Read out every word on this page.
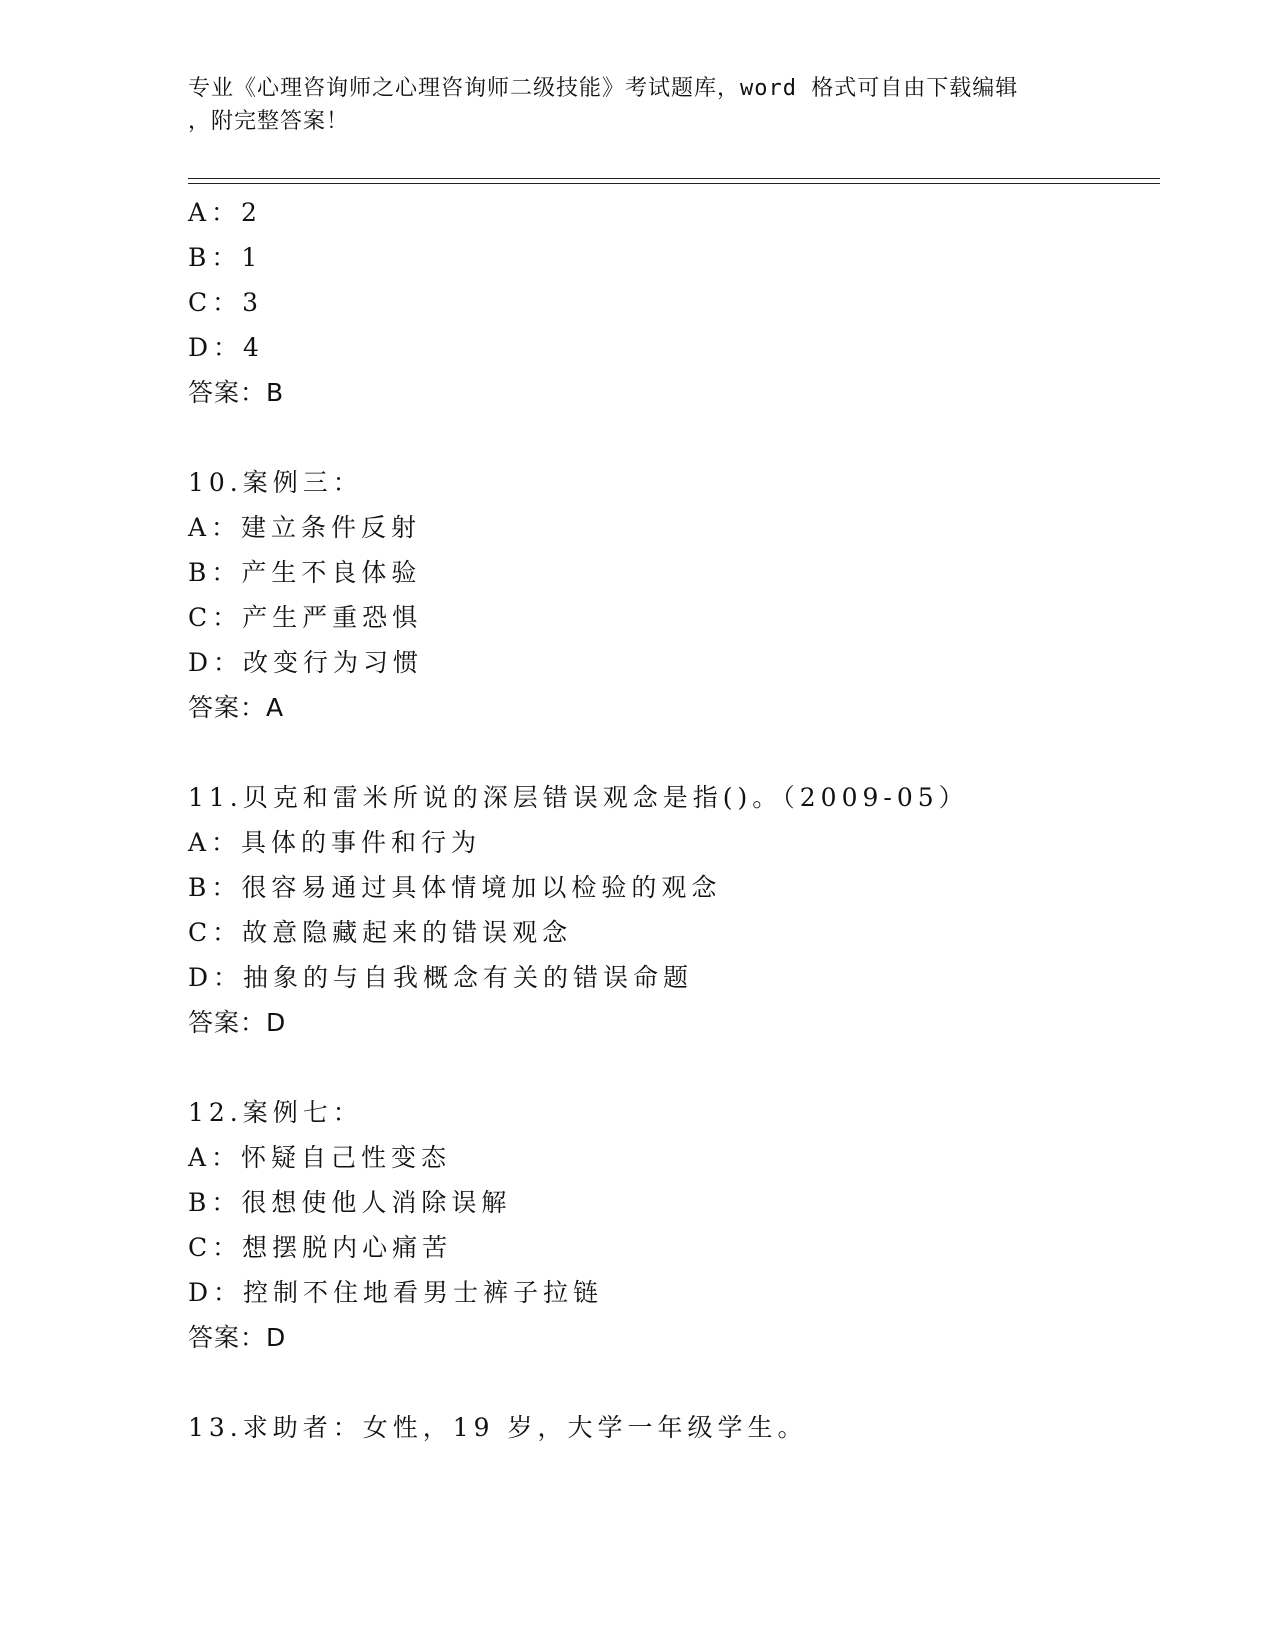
专业《心理咨询师之心理咨询师二级技能》考试题库，word 格式可自由下载编辑
，附完整答案！
A：2
B：1
C：3
D：4
答案：B
10.案例三：
A：建立条件反射
B：产生不良体验
C：产生严重恐惧
D：改变行为习惯
答案：A
11.贝克和雷米所说的深层错误观念是指()。（2009-05）
A：具体的事件和行为
B：很容易通过具体情境加以检验的观念
C：故意隐藏起来的错误观念
D：抽象的与自我概念有关的错误命题
答案：D
12.案例七：
A：怀疑自己性变态
B：很想使他人消除误解
C：想摆脱内心痛苦
D：控制不住地看男士裤子拉链
答案：D
13.求助者：女性，19 岁，大学一年级学生。
